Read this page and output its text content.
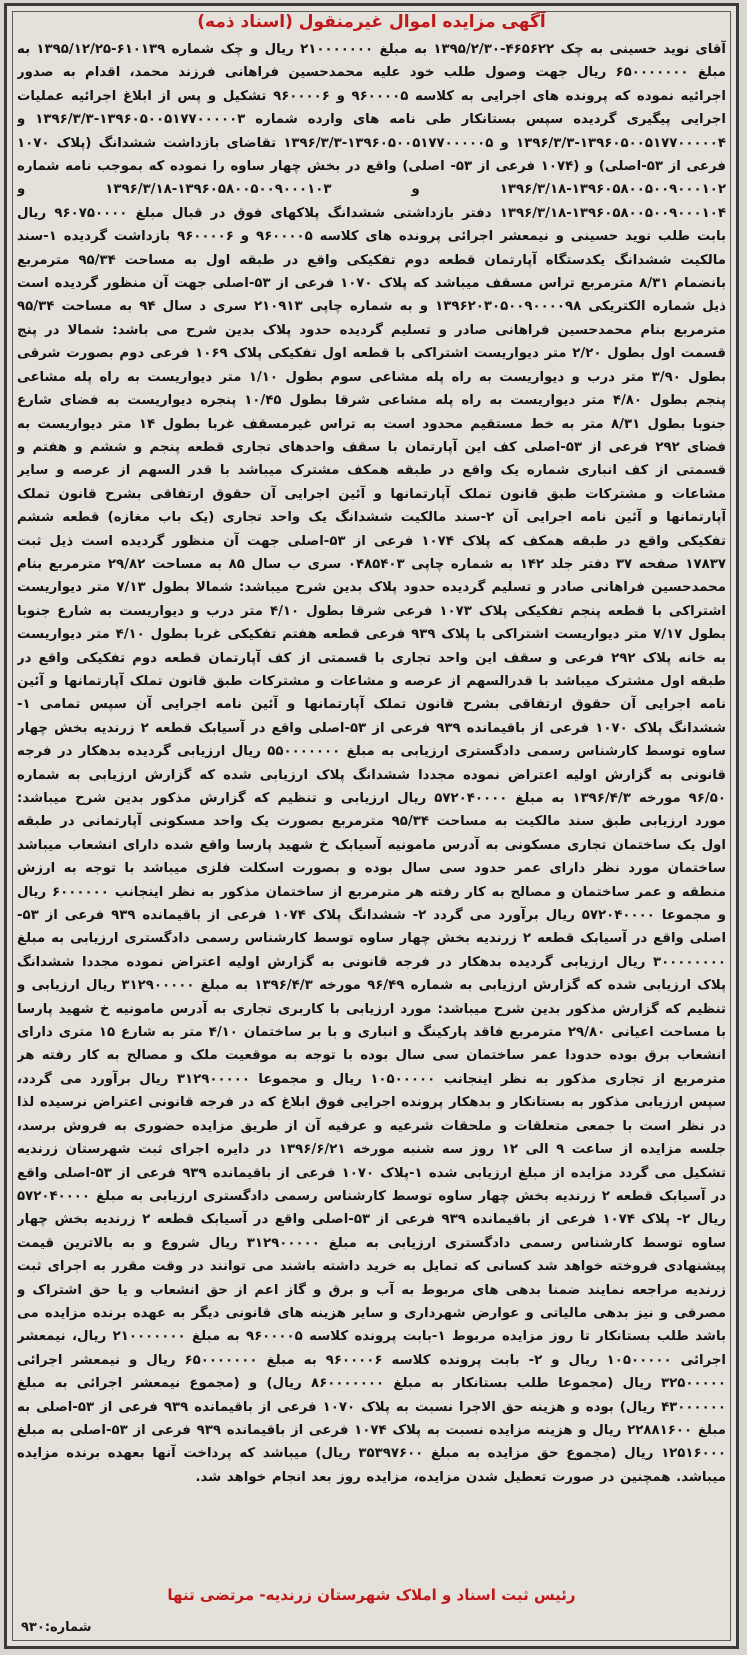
آگهی مزایده اموال غیرمنقول (اسناد ذمه)
آقای نوید حسینی به چک ۴۶۵۶۲۲-۱۳۹۵/۲/۳۰ به مبلغ ۲۱۰۰۰۰۰۰۰ ریال و چک شماره ۶۱۰۱۳۹-۱۳۹۵/۱۲/۲۵ به مبلغ ۶۵۰۰۰۰۰۰۰ ریال جهت وصول طلب خود علیه محمدحسین فراهانی فرزند محمد، اقدام به صدور اجرائیه نموده که پرونده های اجرایی به کلاسه ۹۶۰۰۰۰۵ و ۹۶۰۰۰۰۶ تشکیل و پس از ابلاغ اجرائیه عملیات اجرایی پیگیری گردیده سپس بستانکار طی نامه های وارده شماره ۱۳۹۶۰۵۰۰۵۱۷۷۰۰۰۰۰۳-۱۳۹۶/۳/۳ و ۱۳۹۶۰۵۰۰۵۱۷۷۰۰۰۰۰۴-۱۳۹۶/۳/۳ و ۱۳۹۶۰۵۰۰۵۱۷۷۰۰۰۰۰۵-۱۳۹۶/۳/۳ تقاضای بازداشت ششدانگ (پلاک ۱۰۷۰ فرعی از ۵۳-اصلی) و (۱۰۷۴ فرعی از ۵۳- اصلی) واقع در بخش چهار ساوه را نموده که بموجب نامه شماره ۱۳۹۶۰۵۸۰۰۵۰۰۹۰۰۰۱۰۲-۱۳۹۶/۳/۱۸ و ۱۳۹۶۰۵۸۰۰۵۰۰۹۰۰۰۱۰۳-۱۳۹۶/۳/۱۸ و ۱۳۹۶۰۵۸۰۰۵۰۰۹۰۰۰۱۰۴-۱۳۹۶/۳/۱۸ دفتر بازداشتی ششدانگ پلاکهای فوق در قبال مبلغ ۹۶۰۷۵۰۰۰۰ ریال بابت طلب نوید حسینی و نیمعشر اجرائی پرونده های کلاسه ۹۶۰۰۰۰۵ و ۹۶۰۰۰۰۶ بازداشت گردیده ۱-سند مالکیت ششدانگ یکدستگاه آپارتمان قطعه دوم تفکیکی واقع در طبقه اول به مساحت ۹۵/۳۴ مترمربع بانضمام ۸/۳۱ مترمربع تراس مسقف میباشد که پلاک ۱۰۷۰ فرعی از ۵۳-اصلی جهت آن منظور گردیده است ذیل شماره الکتریکی ۱۳۹۶۲۰۳۰۵۰۰۹۰۰۰۰۹۸ و به شماره چاپی ۲۱۰۹۱۳ سری د سال ۹۴ به مساحت ۹۵/۳۴ مترمربع بنام محمدحسین فراهانی صادر و تسلیم گردیده حدود پلاک بدین شرح می باشد: شمالا در پنج قسمت اول بطول ۲/۲۰ متر دیواریست اشتراکی با قطعه اول تفکیکی پلاک ۱۰۶۹ فرعی دوم بصورت شرقی بطول ۳/۹۰ متر درب و دیواریست به راه پله مشاعی سوم بطول ۱/۱۰ متر دیواریست به راه پله مشاعی پنجم بطول ۴/۸۰ متر دیواریست به راه پله مشاعی شرقا بطول ۱۰/۴۵ پنجره دیواریست به فضای شارع جنوبا بطول ۸/۳۱ متر به خط مستقیم محدود است به تراس غیرمسقف غربا بطول ۱۴ متر دیواریست به فضای ۲۹۲ فرعی از ۵۳-اصلی کف این آپارتمان با سقف واحدهای تجاری قطعه پنجم و ششم و هفتم و قسمتی از کف انباری شماره یک واقع در طبقه همکف مشترک میباشد با قدر السهم از عرصه و سایر مشاعات و مشترکات طبق قانون تملک آپارتمانها و آئین اجرایی آن حقوق ارتفاقی بشرح قانون تملک آپارتمانها و آئین نامه اجرایی آن ۲-سند مالکیت ششدانگ یک واحد تجاری (یک باب مغازه) قطعه ششم تفکیکی واقع در طبقه همکف که پلاک ۱۰۷۴ فرعی از ۵۳-اصلی جهت آن منظور گردیده است ذیل ثبت ۱۷۸۳۷ صفحه ۳۷ دفتر جلد ۱۴۲ به شماره چاپی ۰۴۸۵۴۰۳ سری ب سال ۸۵ به مساحت ۲۹/۸۲ مترمربع بنام محمدحسین فراهانی صادر و تسلیم گردیده حدود پلاک بدین شرح میباشد: شمالا بطول ۷/۱۳ متر دیواریست اشتراکی با قطعه پنجم تفکیکی پلاک ۱۰۷۳ فرعی شرقا بطول ۴/۱۰ متر درب و دیواریست به شارع جنوبا بطول ۷/۱۷ متر دیواریست اشتراکی با پلاک ۹۳۹ فرعی قطعه هفتم تفکیکی غربا بطول ۴/۱۰ متر دیواریست به خانه پلاک ۲۹۲ فرعی و سقف این واحد تجاری با قسمتی از کف آپارتمان قطعه دوم تفکیکی واقع در طبقه اول مشترک میباشد با قدرالسهم از عرصه و مشاعات و مشترکات طبق قانون تملک آپارتمانها و آئین نامه اجرایی آن حقوق ارتفاقی بشرح قانون تملک آپارتمانها و آئین نامه اجرایی آن سپس تمامی ۱-ششدانگ پلاک ۱۰۷۰ فرعی از باقیمانده ۹۳۹ فرعی از ۵۳-اصلی واقع در آسیابک قطعه ۲ زرندیه بخش چهار ساوه توسط کارشناس رسمی دادگستری ارزیابی به مبلغ ۵۵۰۰۰۰۰۰۰ ریال ارزیابی گردیده بدهکار در فرجه قانونی به گزارش اولیه اعتراض نموده مجددا ششدانگ پلاک ارزیابی شده که گزارش ارزیابی به شماره ۹۶/۵۰ مورخه ۱۳۹۶/۴/۳ به مبلغ ۵۷۲۰۴۰۰۰۰ ریال ارزیابی و تنظیم که گزارش مذکور بدین شرح میباشد: مورد ارزیابی طبق سند مالکیت به مساحت ۹۵/۳۴ مترمربع بصورت یک واحد مسکونی آپارتمانی در طبقه اول یک ساختمان تجاری مسکونی به آدرس مامونیه آسیابک خ شهید پارسا واقع شده دارای انشعاب میباشد ساختمان مورد نظر دارای عمر حدود سی سال بوده و بصورت اسکلت فلزی میباشد با توجه به ارزش منطقه و عمر ساختمان و مصالح به کار رفته هر مترمربع از ساختمان مذکور به نظر اینجانب ۶۰۰۰۰۰۰ ریال و مجموعا ۵۷۲۰۴۰۰۰۰ ریال برآورد می گردد ۲- ششدانگ پلاک ۱۰۷۴ فرعی از باقیمانده ۹۳۹ فرعی از ۵۳-اصلی واقع در آسیابک قطعه ۲ زرندیه بخش چهار ساوه توسط کارشناس رسمی دادگستری ارزیابی به مبلغ ۳۰۰۰۰۰۰۰۰ ریال ارزیابی گردیده بدهکار در فرجه قانونی به گزارش اولیه اعتراض نموده مجددا ششدانگ پلاک ارزیابی شده که گزارش ارزیابی به شماره ۹۶/۴۹ مورخه ۱۳۹۶/۴/۳ به مبلغ ۳۱۲۹۰۰۰۰۰ ریال ارزیابی و تنظیم که گزارش مذکور بدین شرح میباشد: مورد ارزیابی با کاربری تجاری به آدرس مامونیه خ شهید پارسا با مساحت اعیانی ۲۹/۸۰ مترمربع فاقد پارکینگ و انباری و با بر ساختمان ۴/۱۰ متر به شارع ۱۵ متری دارای انشعاب برق بوده حدودا عمر ساختمان سی سال بوده با توجه به موقعیت ملک و مصالح به کار رفته هر مترمربع از تجاری مذکور به نظر اینجانب ۱۰۵۰۰۰۰۰ ریال و مجموعا ۳۱۲۹۰۰۰۰۰ ریال برآورد می گردد، سپس ارزیابی مذکور به بستانکار و بدهکار پرونده اجرایی فوق ابلاغ که در فرجه قانونی اعتراض نرسیده لذا در نظر است با جمعی متعلقات و ملحقات شرعیه و عرفیه آن از طریق مزایده حضوری به فروش برسد، جلسه مزایده از ساعت ۹ الی ۱۲ روز سه شنبه مورخه ۱۳۹۶/۶/۲۱ در دایره اجرای ثبت شهرستان زرندیه تشکیل می گردد مزایده از مبلغ ارزیابی شده ۱-پلاک ۱۰۷۰ فرعی از باقیمانده ۹۳۹ فرعی از ۵۳-اصلی واقع در آسیابک قطعه ۲ زرندیه بخش چهار ساوه توسط کارشناس رسمی دادگستری ارزیابی به مبلغ ۵۷۲۰۴۰۰۰۰ ریال ۲- پلاک ۱۰۷۴ فرعی از باقیمانده ۹۳۹ فرعی از ۵۳-اصلی واقع در آسیابک قطعه ۲ زرندیه بخش چهار ساوه توسط کارشناس رسمی دادگستری ارزیابی به مبلغ ۳۱۲۹۰۰۰۰۰ ریال شروع و به بالاترین قیمت پیشنهادی فروخته خواهد شد کسانی که تمایل به خرید داشته باشند می توانند در وقت مقرر به اجرای ثبت زرندیه مراجعه نمایند ضمنا بدهی های مربوط به آب و برق و گاز اعم از حق انشعاب و یا حق اشتراک و مصرفی و نیز بدهی مالیاتی و عوارض شهرداری و سایر هزینه های قانونی دیگر به عهده برنده مزایده می باشد طلب بستانکار تا روز مزایده مربوط ۱-بابت پرونده کلاسه ۹۶۰۰۰۰۵ به مبلغ ۲۱۰۰۰۰۰۰۰ ریال، نیمعشر اجرائی ۱۰۵۰۰۰۰۰ ریال و ۲- بابت پرونده کلاسه ۹۶۰۰۰۰۶ به مبلغ ۶۵۰۰۰۰۰۰۰ ریال و نیمعشر اجرائی ۳۲۵۰۰۰۰۰ ریال (مجموعا طلب بستانکار به مبلغ ۸۶۰۰۰۰۰۰۰ ریال) و (مجموع نیمعشر اجرائی به مبلغ ۴۳۰۰۰۰۰۰ ریال) بوده و هزینه حق الاجرا نسبت به پلاک ۱۰۷۰ فرعی از باقیمانده ۹۳۹ فرعی از ۵۳-اصلی به مبلغ ۲۲۸۸۱۶۰۰ ریال و هزینه مزایده نسبت به پلاک ۱۰۷۴ فرعی از باقیمانده ۹۳۹ فرعی از ۵۳-اصلی به مبلغ ۱۲۵۱۶۰۰۰ ریال (مجموع حق مزایده به مبلغ ۳۵۳۹۷۶۰۰ ریال) میباشد که پرداخت آنها بعهده برنده مزایده میباشد. همچنین در صورت تعطیل شدن مزایده، مزایده روز بعد انجام خواهد شد.
رئیس ثبت اسناد و املاک شهرستان زرندیه- مرتضی تنها
شماره:۹۳۰
